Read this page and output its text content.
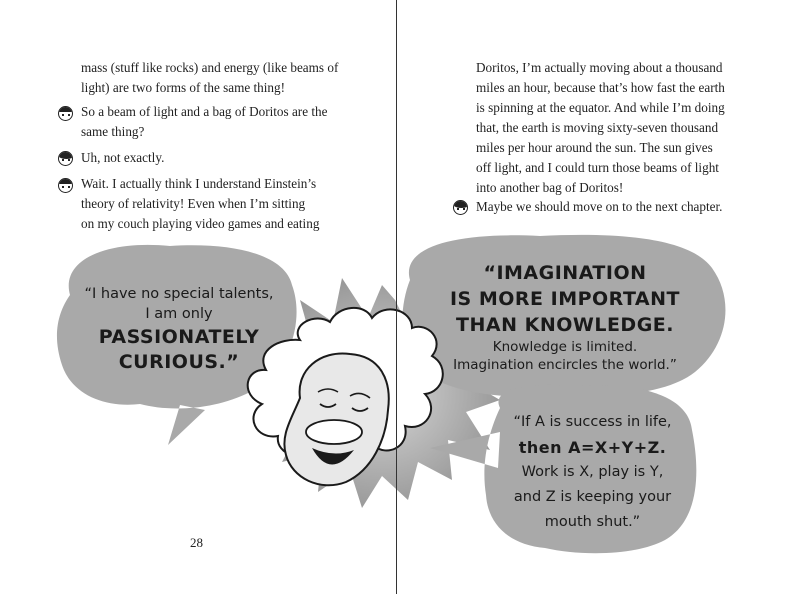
mass (stuff like rocks) and energy (like beams of
light) are two forms of the same thing!
So a beam of light and a bag of Doritos are the
same thing?
Uh, not exactly.
Wait. I actually think I understand Einstein’s
theory of relativity! Even when I’m sitting
on my couch playing video games and eating
28
Doritos, I’m actually moving about a thousand
miles an hour, because that’s how fast the earth
is spinning at the equator. And while I’m doing
that, the earth is moving sixty-seven thousand
miles per hour around the sun. The sun gives
off light, and I could turn those beams of light
into another bag of Doritos!
Maybe we should move on to the next chapter.
“I have no special talents,
I am only
PASSIONATELY
CURIOUS.”
“IMAGINATION
IS MORE IMPORTANT
THAN KNOWLEDGE.
Knowledge is limited.
Imagination encircles the world.”
“If A is success in life,
then A=X+Y+Z.
Work is X, play is Y,
and Z is keeping your
mouth shut.”
